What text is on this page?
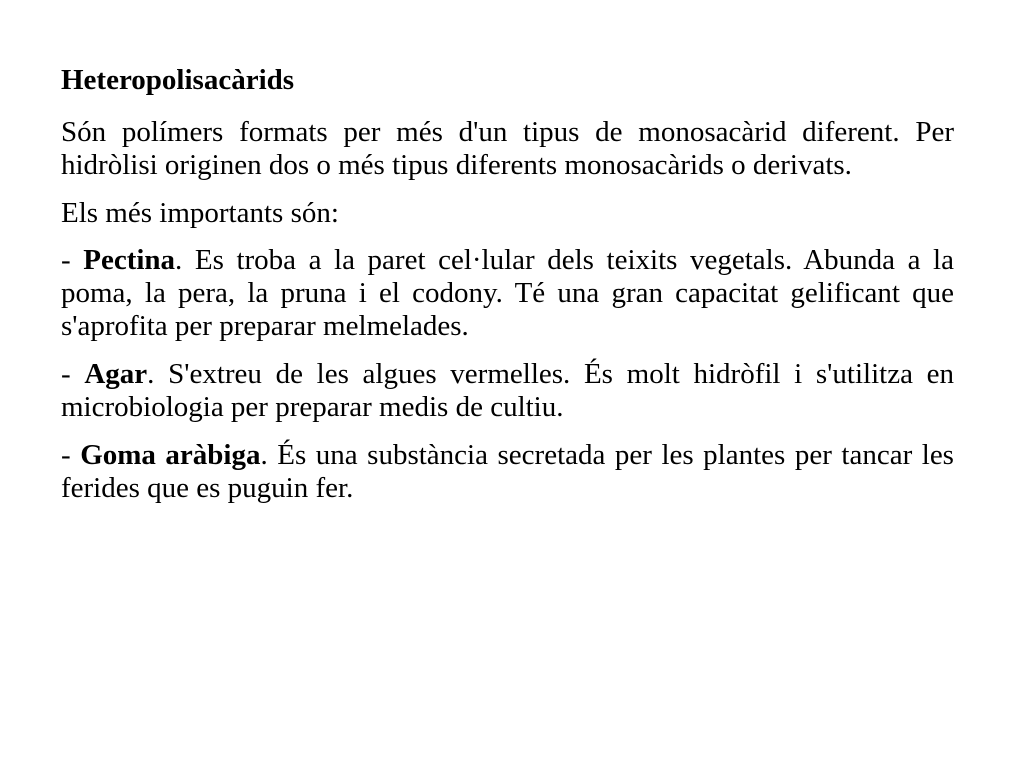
Heteropolisacàrids

Són polímers formats per més d'un tipus de monosacàrid diferent. Per hidròlisi originen dos o més tipus diferents monosacàrids o derivats.

Els més importants són:

- Pectina. Es troba a la paret cel·lular dels teixits vegetals. Abunda a la poma, la pera, la pruna i el codony. Té una gran capacitat gelificant que s'aprofita per preparar melmelades.

- Agar. S'extreu de les algues vermelles. És molt hidròfil i s'utilitza en microbiologia per preparar medis de cultiu.

- Goma aràbiga. És una substància secretada per les plantes per tancar les ferides que es puguin fer.
